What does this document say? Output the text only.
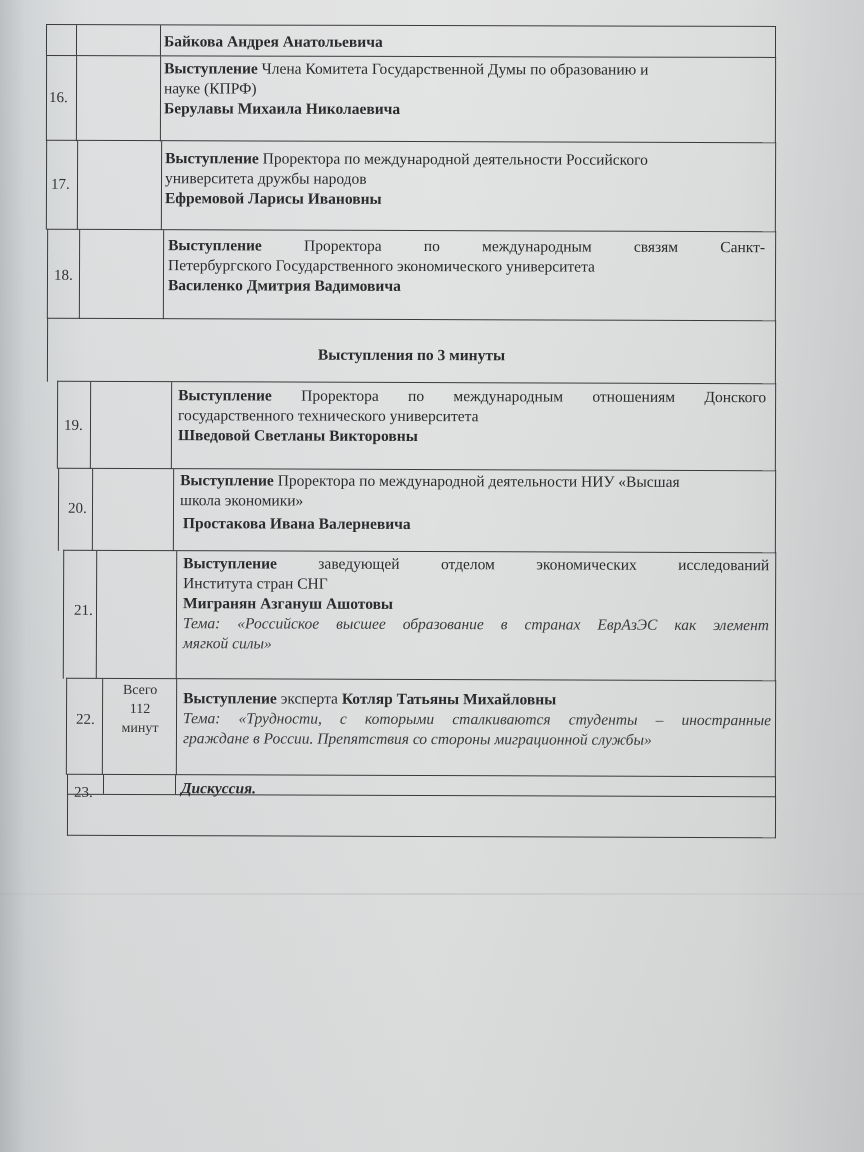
Байкова Андрея Анатольевича
16.
Выступление Члена Комитета Государственной Думы по образованию и
науке (КПРФ)
Берулавы Михаила Николаевича
17.
Выступление Проректора по международной деятельности Российского
университета дружбы народов
Ефремовой Ларисы Ивановны
18.
Выступление Проректора по международным связям Санкт-
Петербургского Государственного экономического университета
Василенко Дмитрия Вадимовича
Выступления по 3 минуты
19.
Выступление Проректора по международным отношениям Донского
государственного технического университета
Шведовой Светланы Викторовны
20.
Выступление Проректора по международной деятельности НИУ «Высшая
школа экономики»
Простакова Ивана Валерневича
21.
Выступление заведующей отделом экономических исследований
Института стран СНГ
Мигранян Азгануш Ашотовы
Тема: «Российское высшее образование в странах ЕврАзЭС как элемент
мягкой силы»
22.
Всего
112
минут
Выступление эксперта Котляр Татьяны Михайловны
Тема: «Трудности, с которыми сталкиваются студенты – иностранные
граждане в России. Препятствия со стороны миграционной службы»
23.	Дискуссия.
